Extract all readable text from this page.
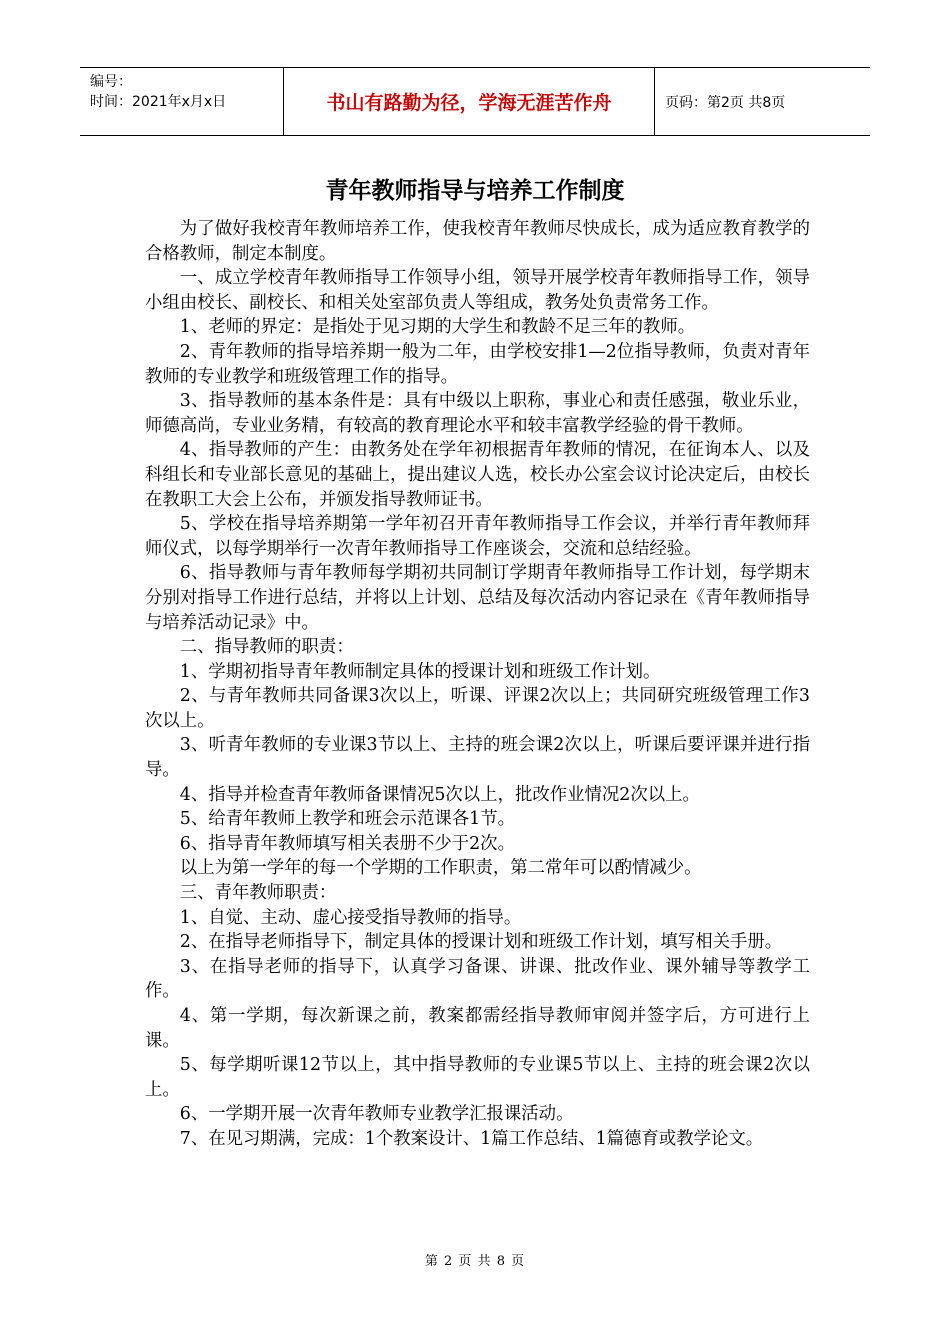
编号：
时间：2021年x月x日	书山有路勤为径，学海无涯苦作舟	页码：第2页 共8页
青年教师指导与培养工作制度

为了做好我校青年教师培养工作，使我校青年教师尽快成长，成为适应教育教学的合格教师，制定本制度。

一、成立学校青年教师指导工作领导小组，领导开展学校青年教师指导工作，领导小组由校长、副校长、和相关处室部负责人等组成，教务处负责常务工作。

1、老师的界定：是指处于见习期的大学生和教龄不足三年的教师。

2、青年教师的指导培养期一般为二年，由学校安排1—2位指导教师，负责对青年教师的专业教学和班级管理工作的指导。

3、指导教师的基本条件是：具有中级以上职称，事业心和责任感强，敬业乐业，师德高尚，专业业务精，有较高的教育理论水平和较丰富教学经验的骨干教师。

4、指导教师的产生：由教务处在学年初根据青年教师的情况，在征询本人、以及科组长和专业部长意见的基础上，提出建议人选，校长办公室会议讨论决定后，由校长在教职工大会上公布，并颁发指导教师证书。

5、学校在指导培养期第一学年初召开青年教师指导工作会议，并举行青年教师拜师仪式，以每学期举行一次青年教师指导工作座谈会，交流和总结经验。

6、指导教师与青年教师每学期初共同制订学期青年教师指导工作计划，每学期末分别对指导工作进行总结，并将以上计划、总结及每次活动内容记录在《青年教师指导与培养活动记录》中。

二、指导教师的职责：

1、学期初指导青年教师制定具体的授课计划和班级工作计划。

2、与青年教师共同备课3次以上，听课、评课2次以上；共同研究班级管理工作3次以上。

3、听青年教师的专业课3节以上、主持的班会课2次以上，听课后要评课并进行指导。

4、指导并检查青年教师备课情况5次以上，批改作业情况2次以上。

5、给青年教师上教学和班会示范课各1节。

6、指导青年教师填写相关表册不少于2次。

以上为第一学年的每一个学期的工作职责，第二常年可以酌情减少。

三、青年教师职责：

1、自觉、主动、虚心接受指导教师的指导。

2、在指导老师指导下，制定具体的授课计划和班级工作计划，填写相关手册。

3、在指导老师的指导下，认真学习备课、讲课、批改作业、课外辅导等教学工作。

4、第一学期，每次新课之前，教案都需经指导教师审阅并签字后，方可进行上课。

5、每学期听课12节以上，其中指导教师的专业课5节以上、主持的班会课2次以上。

6、一学期开展一次青年教师专业教学汇报课活动。

7、在见习期满，完成：1个教案设计、1篇工作总结、1篇德育或教学论文。

第 2 页 共 8 页
